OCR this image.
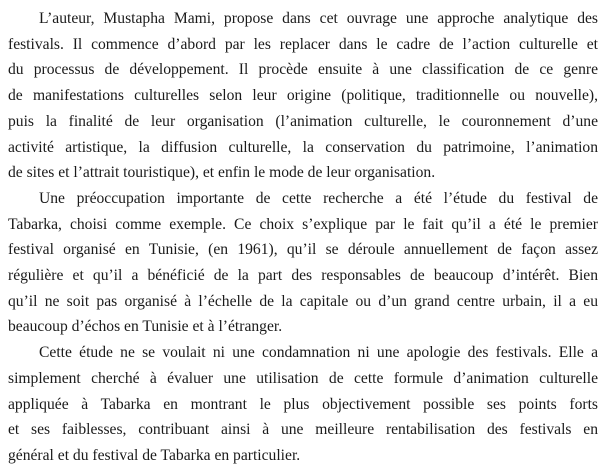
L’auteur, Mustapha Mami, propose dans cet ouvrage une approche analytique des
festivals. Il commence d’abord par les replacer dans le cadre de l’action culturelle et
du processus de développement. Il procède ensuite à une classification de ce genre
de manifestations culturelles selon leur origine (politique, traditionnelle ou nouvelle),
puis la finalité de leur organisation (l’animation culturelle, le couronnement d’une
activité artistique, la diffusion culturelle, la conservation du patrimoine, l’animation
de sites et l’attrait touristique), et enfin le mode de leur organisation.
Une préoccupation importante de cette recherche a été l’étude du festival de
Tabarka, choisi comme exemple. Ce choix s’explique par le fait qu’il a été le premier
festival organisé en Tunisie, (en 1961), qu’il se déroule annuellement de façon assez
régulière et qu’il a bénéficié de la part des responsables de beaucoup d’intérêt. Bien
qu’il ne soit pas organisé à l’échelle de la capitale ou d’un grand centre urbain, il a eu
beaucoup d’échos en Tunisie et à l’étranger.
Cette étude ne se voulait ni une condamnation ni une apologie des festivals. Elle a
simplement cherché à évaluer une utilisation de cette formule d’animation culturelle
appliquée à Tabarka en montrant le plus objectivement possible ses points forts
et ses faiblesses, contribuant ainsi à une meilleure rentabilisation des festivals en
général et du festival de Tabarka en particulier.
